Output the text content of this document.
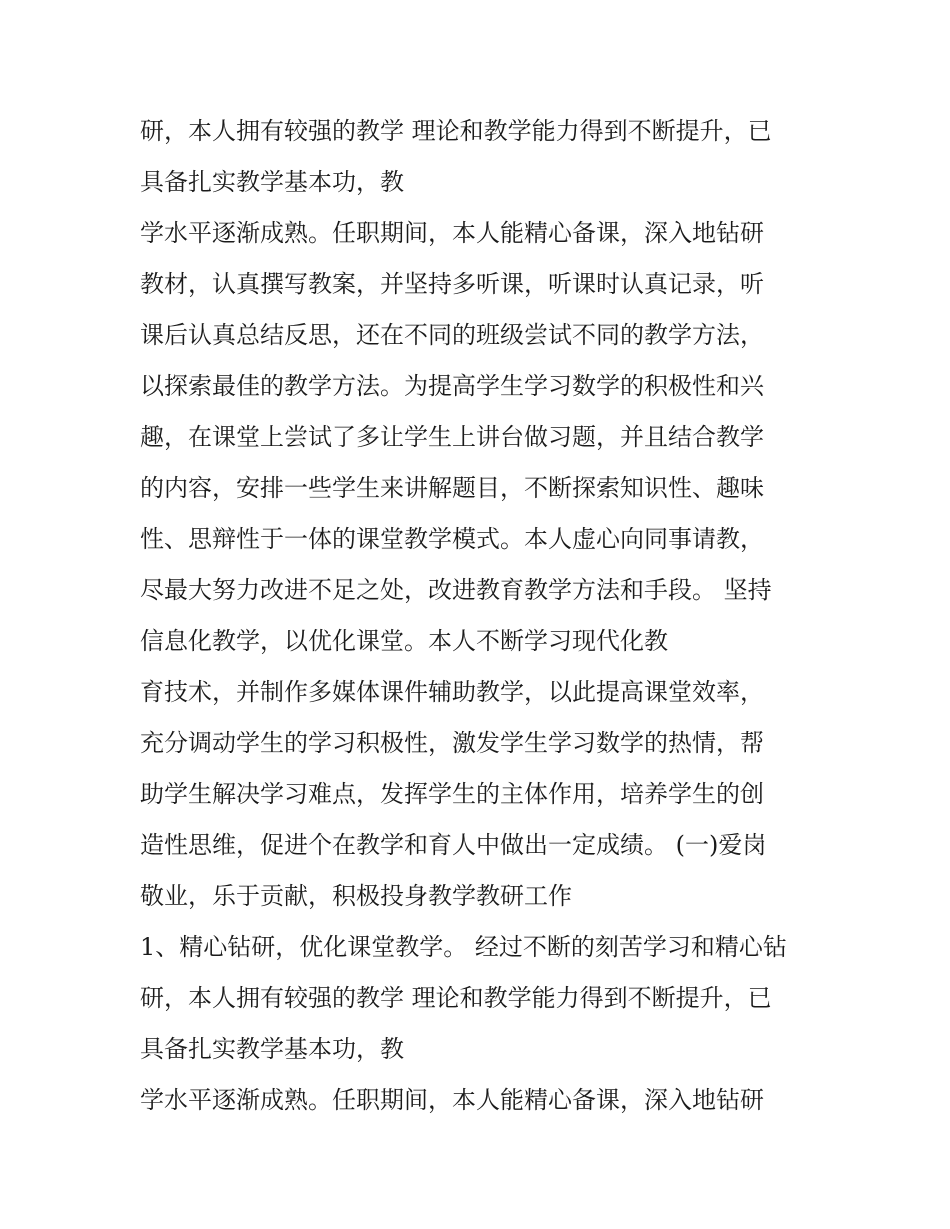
研，本人拥有较强的教学 理论和教学能力得到不断提升，已
具备扎实教学基本功，教
学水平逐渐成熟。任职期间，本人能精心备课，深入地钻研
教材，认真撰写教案，并坚持多听课，听课时认真记录，听
课后认真总结反思，还在不同的班级尝试不同的教学方法，
以探索最佳的教学方法。为提高学生学习数学的积极性和兴
趣，在课堂上尝试了多让学生上讲台做习题，并且结合教学
的内容，安排一些学生来讲解题目，不断探索知识性、趣味
性、思辩性于一体的课堂教学模式。本人虚心向同事请教，
尽最大努力改进不足之处，改进教育教学方法和手段。 坚持
信息化教学，以优化课堂。本人不断学习现代化教
育技术，并制作多媒体课件辅助教学，以此提高课堂效率，
充分调动学生的学习积极性，激发学生学习数学的热情，帮
助学生解决学习难点，发挥学生的主体作用，培养学生的创
造性思维，促进个在教学和育人中做出一定成绩。 (一)爱岗
敬业，乐于贡献，积极投身教学教研工作
1、精心钻研，优化课堂教学。 经过不断的刻苦学习和精心钻
研，本人拥有较强的教学 理论和教学能力得到不断提升，已
具备扎实教学基本功，教
学水平逐渐成熟。任职期间，本人能精心备课，深入地钻研
